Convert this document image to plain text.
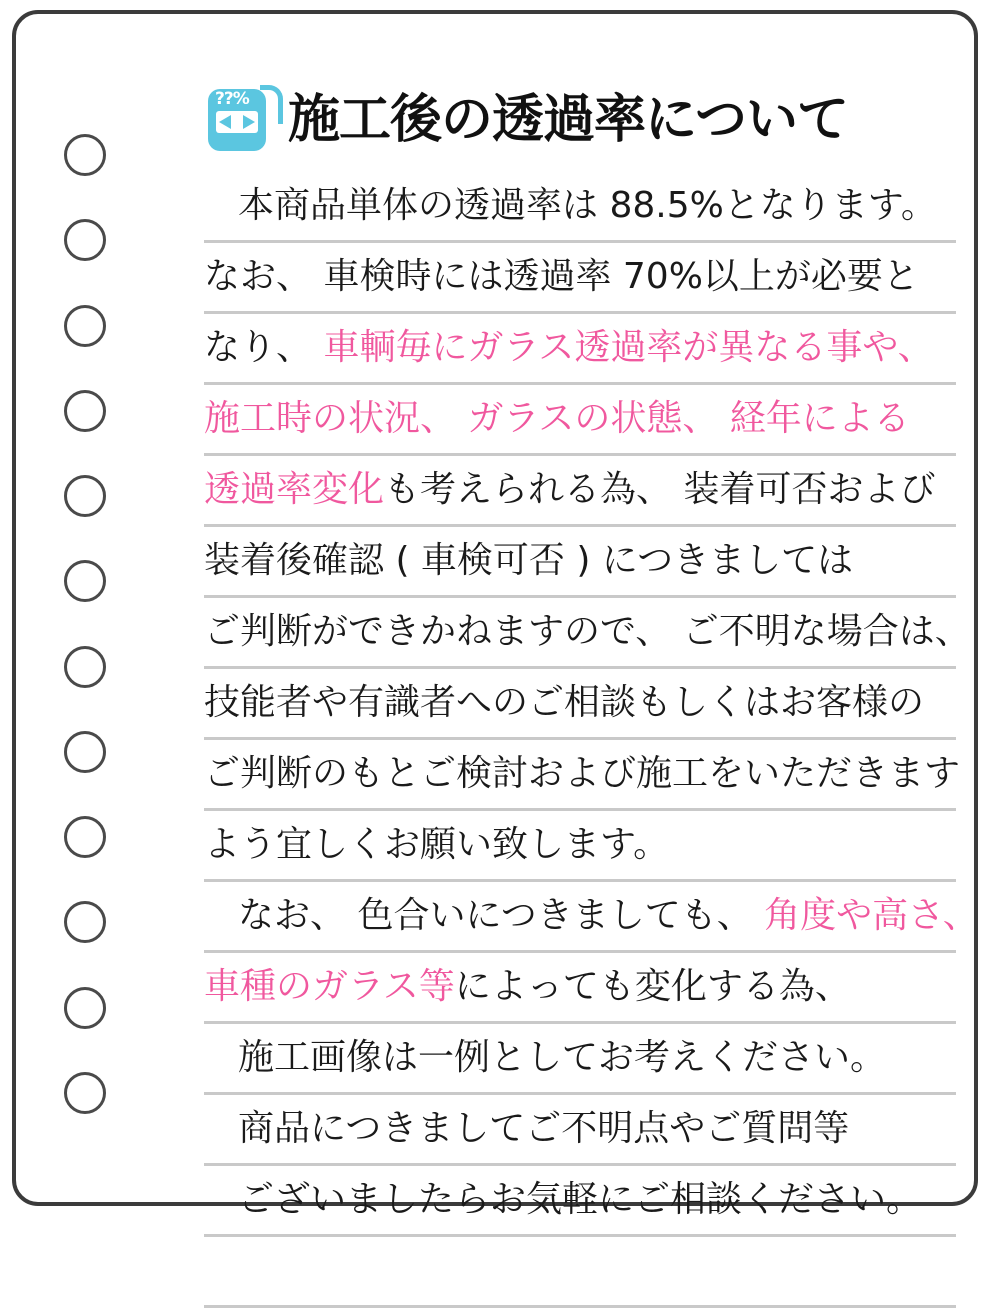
??% 施工後の透過率について
本商品単体の透過率は 88.5%となります。
なお、 車検時には透過率 70%以上が必要と
なり、 車輌毎にガラス透過率が異なる事や、
施工時の状況、 ガラスの状態、 経年による
透過率変化も考えられる為、 装着可否および
装着後確認 ( 車検可否 ) につきましては
ご判断ができかねますので、 ご不明な場合は、
技能者や有識者へのご相談もしくはお客様の
ご判断のもとご検討および施工をいただきます
よう宜しくお願い致します。
なお、 色合いにつきましても、 角度や高さ、
車種のガラス等によっても変化する為、
施工画像は一例としてお考えください。
商品につきましてご不明点やご質問等
ございましたらお気軽にご相談ください。
